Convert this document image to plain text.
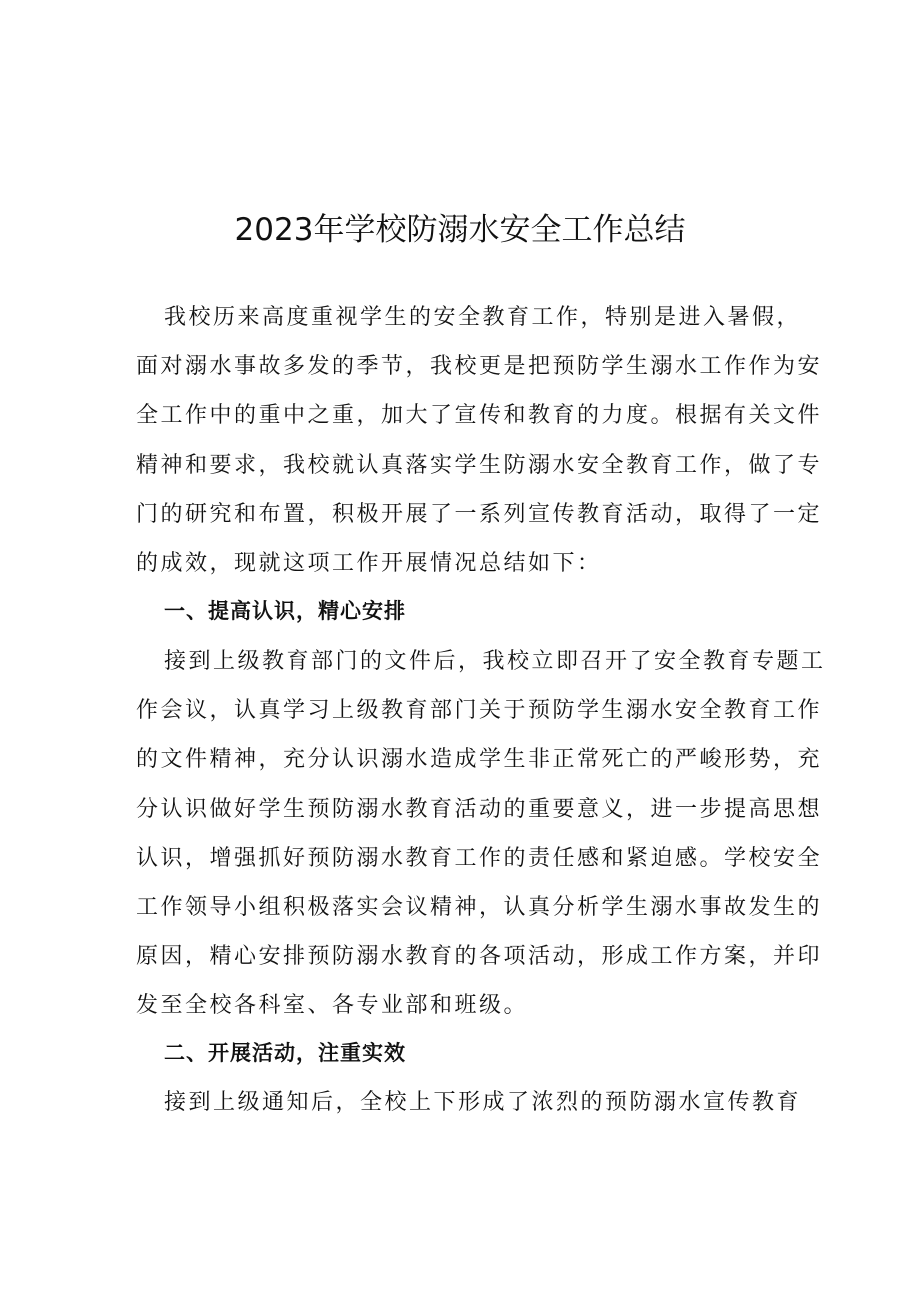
2023年学校防溺水安全工作总结
我校历来高度重视学生的安全教育工作，特别是进入暑假，
面对溺水事故多发的季节，我校更是把预防学生溺水工作作为安
全工作中的重中之重，加大了宣传和教育的力度。根据有关文件
精神和要求，我校就认真落实学生防溺水安全教育工作，做了专
门的研究和布置，积极开展了一系列宣传教育活动，取得了一定
的成效，现就这项工作开展情况总结如下：
一、提高认识，精心安排
接到上级教育部门的文件后，我校立即召开了安全教育专题工
作会议，认真学习上级教育部门关于预防学生溺水安全教育工作
的文件精神，充分认识溺水造成学生非正常死亡的严峻形势，充
分认识做好学生预防溺水教育活动的重要意义，进一步提高思想
认识，增强抓好预防溺水教育工作的责任感和紧迫感。学校安全
工作领导小组积极落实会议精神，认真分析学生溺水事故发生的
原因，精心安排预防溺水教育的各项活动，形成工作方案，并印
发至全校各科室、各专业部和班级。
二、开展活动，注重实效
接到上级通知后，全校上下形成了浓烈的预防溺水宣传教育
